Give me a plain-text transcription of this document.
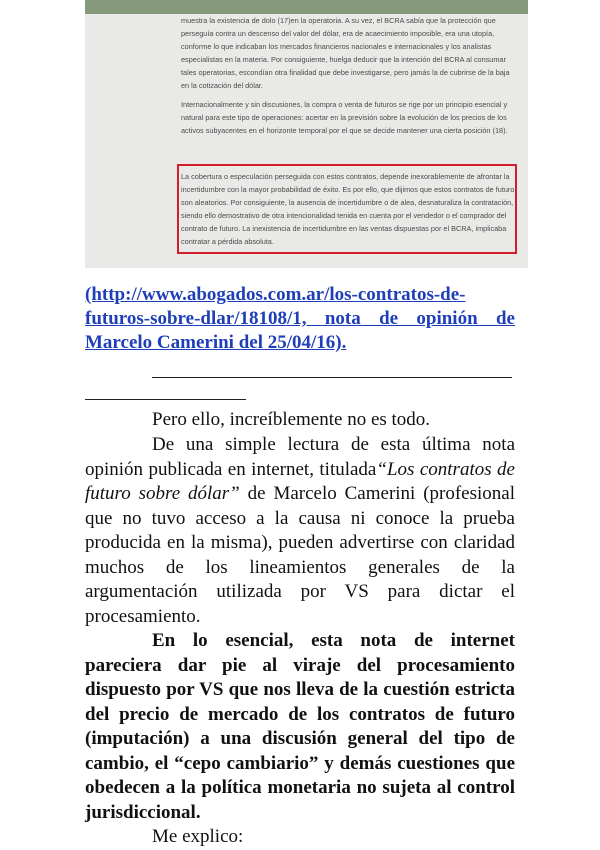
muestra la existencia de dolo (17)en la operatoria. A su vez, el BCRA sabía que la protección que perseguía contra un descenso del valor del dólar, era de acaecimiento imposible, era una utopía, conforme lo que indicaban los mercados financieros nacionales e internacionales y los analistas especialistas en la materia. Por consiguiente, huelga deducir que la intención del BCRA al consumar tales operatorias, escondían otra finalidad que debe investigarse, pero jamás la de cubrirse de la baja en la cotización del dólar.

Internacionalmente y sin discusiones, la compra o venta de futuros se rige por un principio esencial y natural para este tipo de operaciones: acertar en la previsión sobre la evolución de los precios de los activos subyacentes en el horizonte temporal por el que se decide mantener una cierta posición (18).

La cobertura o especulación perseguida con estos contratos, depende inexorablemente de afrontar la incertidumbre con la mayor probabilidad de éxito. Es por ello, que dijimos que estos contratos de futuro son aleatorios. Por consiguiente, la ausencia de incertidumbre o de alea, desnaturaliza la contratación, siendo ello demostrativo de otra intencionalidad tenida en cuenta por el vendedor o el comprador del contrato de futuro. La inexistencia de incertidumbre en las ventas dispuestas por el BCRA, implicaba contratar a pérdida absoluta.

(http://www.abogados.com.ar/los-contratos-de-futuros-sobre-dlar/18108/1, nota de opinión de Marcelo Camerini del 25/04/16).
Pero ello, increíblemente no es todo.
De una simple lectura de esta última nota opinión publicada en internet, titulada“Los contratos de futuro sobre dólar” de Marcelo Camerini (profesional que no tuvo acceso a la causa ni conoce la prueba producida en la misma), pueden advertirse con claridad muchos de los lineamientos generales de la argumentación utilizada por VS para dictar el procesamiento.
En lo esencial, esta nota de internet pareciera dar pie al viraje del procesamiento dispuesto por VS que nos lleva de la cuestión estricta del precio de mercado de los contratos de futuro (imputación) a una discusión general del tipo de cambio, el “cepo cambiario” y demás cuestiones que obedecen a la política monetaria no sujeta al control jurisdiccional.
Me explico:
